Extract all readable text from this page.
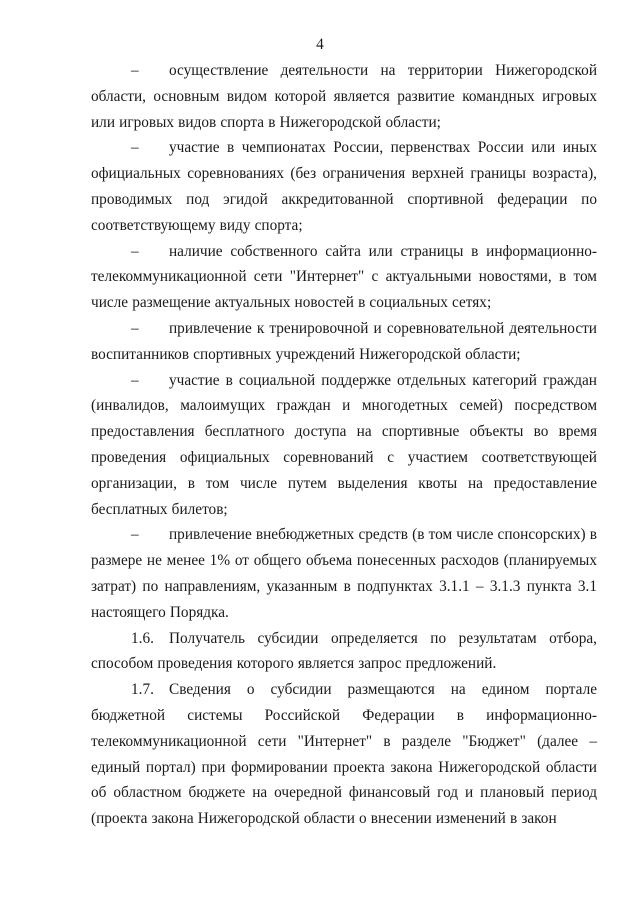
4

– осуществление деятельности на территории Нижегородской области, основным видом которой является развитие командных игровых или игровых видов спорта в Нижегородской области;

– участие в чемпионатах России, первенствах России или иных официальных соревнованиях (без ограничения верхней границы возраста), проводимых под эгидой аккредитованной спортивной федерации по соответствующему виду спорта;

– наличие собственного сайта или страницы в информационно-телекоммуникационной сети "Интернет" с актуальными новостями, в том числе размещение актуальных новостей в социальных сетях;

– привлечение к тренировочной и соревновательной деятельности воспитанников спортивных учреждений Нижегородской области;

– участие в социальной поддержке отдельных категорий граждан (инвалидов, малоимущих граждан и многодетных семей) посредством предоставления бесплатного доступа на спортивные объекты во время проведения официальных соревнований с участием соответствующей организации, в том числе путем выделения квоты на предоставление бесплатных билетов;

– привлечение внебюджетных средств (в том числе спонсорских) в размере не менее 1% от общего объема понесенных расходов (планируемых затрат) по направлениям, указанным в подпунктах 3.1.1 – 3.1.3 пункта 3.1 настоящего Порядка.

1.6. Получатель субсидии определяется по результатам отбора, способом проведения которого является запрос предложений.

1.7. Сведения о субсидии размещаются на едином портале бюджетной системы Российской Федерации в информационно-телекоммуникационной сети "Интернет" в разделе "Бюджет" (далее – единый портал) при формировании проекта закона Нижегородской области об областном бюджете на очередной финансовый год и плановый период (проекта закона Нижегородской области о внесении изменений в закон
